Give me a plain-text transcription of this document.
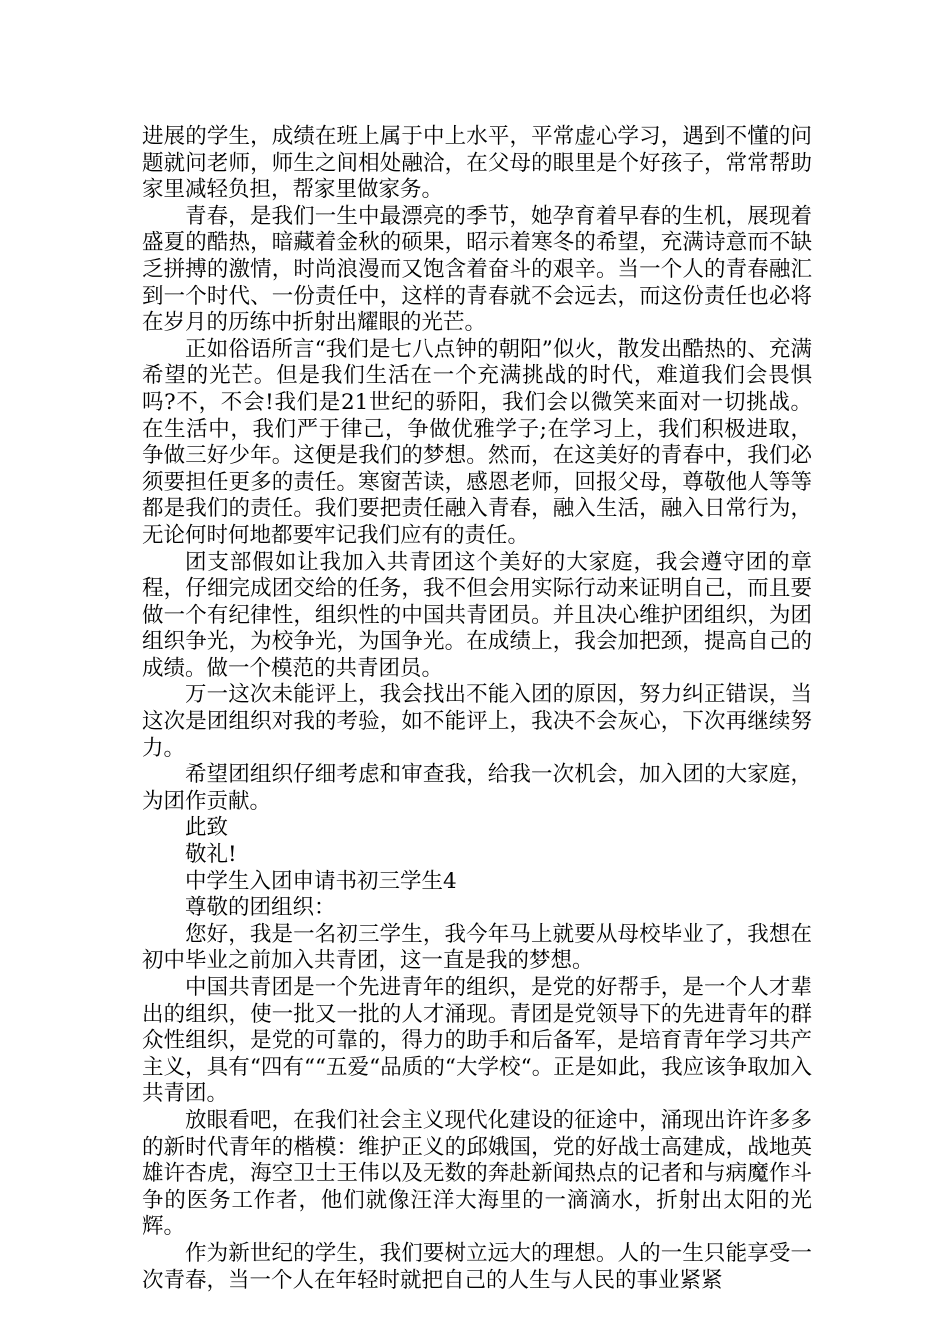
进展的学生，成绩在班上属于中上水平，平常虚心学习，遇到不懂的问题就问老师，师生之间相处融洽，在父母的眼里是个好孩子，常常帮助家里减轻负担，帮家里做家务。

青春，是我们一生中最漂亮的季节，她孕育着早春的生机，展现着盛夏的酷热，暗藏着金秋的硕果，昭示着寒冬的希望，充满诗意而不缺乏拼搏的激情，时尚浪漫而又饱含着奋斗的艰辛。当一个人的青春融汇到一个时代、一份责任中，这样的青春就不会远去，而这份责任也必将在岁月的历练中折射出耀眼的光芒。

正如俗语所言“我们是七八点钟的朝阳”似火，散发出酷热的、充满希望的光芒。但是我们生活在一个充满挑战的时代，难道我们会畏惧吗?不，不会!我们是21世纪的骄阳，我们会以微笑来面对一切挑战。在生活中，我们严于律己，争做优雅学子;在学习上，我们积极进取，争做三好少年。这便是我们的梦想。然而，在这美好的青春中，我们必须要担任更多的责任。寒窗苦读，感恩老师，回报父母，尊敬他人等等都是我们的责任。我们要把责任融入青春，融入生活，融入日常行为，无论何时何地都要牢记我们应有的责任。

团支部假如让我加入共青团这个美好的大家庭，我会遵守团的章程，仔细完成团交给的任务，我不但会用实际行动来证明自己，而且要做一个有纪律性，组织性的中国共青团员。并且决心维护团组织，为团组织争光，为校争光，为国争光。在成绩上，我会加把颈，提高自己的成绩。做一个模范的共青团员。

万一这次未能评上，我会找出不能入团的原因，努力纠正错误，当这次是团组织对我的考验，如不能评上，我决不会灰心，下次再继续努力。

希望团组织仔细考虑和审查我，给我一次机会，加入团的大家庭，为团作贡献。

此致

敬礼!

中学生入团申请书初三学生4

尊敬的团组织：

您好，我是一名初三学生，我今年马上就要从母校毕业了，我想在初中毕业之前加入共青团，这一直是我的梦想。

中国共青团是一个先进青年的组织，是党的好帮手，是一个人才辈出的组织，使一批又一批的人才涌现。青团是党领导下的先进青年的群众性组织，是党的可靠的，得力的助手和后备军，是培育青年学习共产主义，具有“四有““五爱“品质的“大学校“。正是如此，我应该争取加入共青团。

放眼看吧，在我们社会主义现代化建设的征途中，涌现出许许多多的新时代青年的楷模：维护正义的邱娥国，党的好战士高建成，战地英雄许杏虎，海空卫士王伟以及无数的奔赴新闻热点的记者和与病魔作斗争的医务工作者，他们就像汪洋大海里的一滴滴水，折射出太阳的光辉。

作为新世纪的学生，我们要树立远大的理想。人的一生只能享受一次青春，当一个人在年轻时就把自己的人生与人民的事业紧紧
